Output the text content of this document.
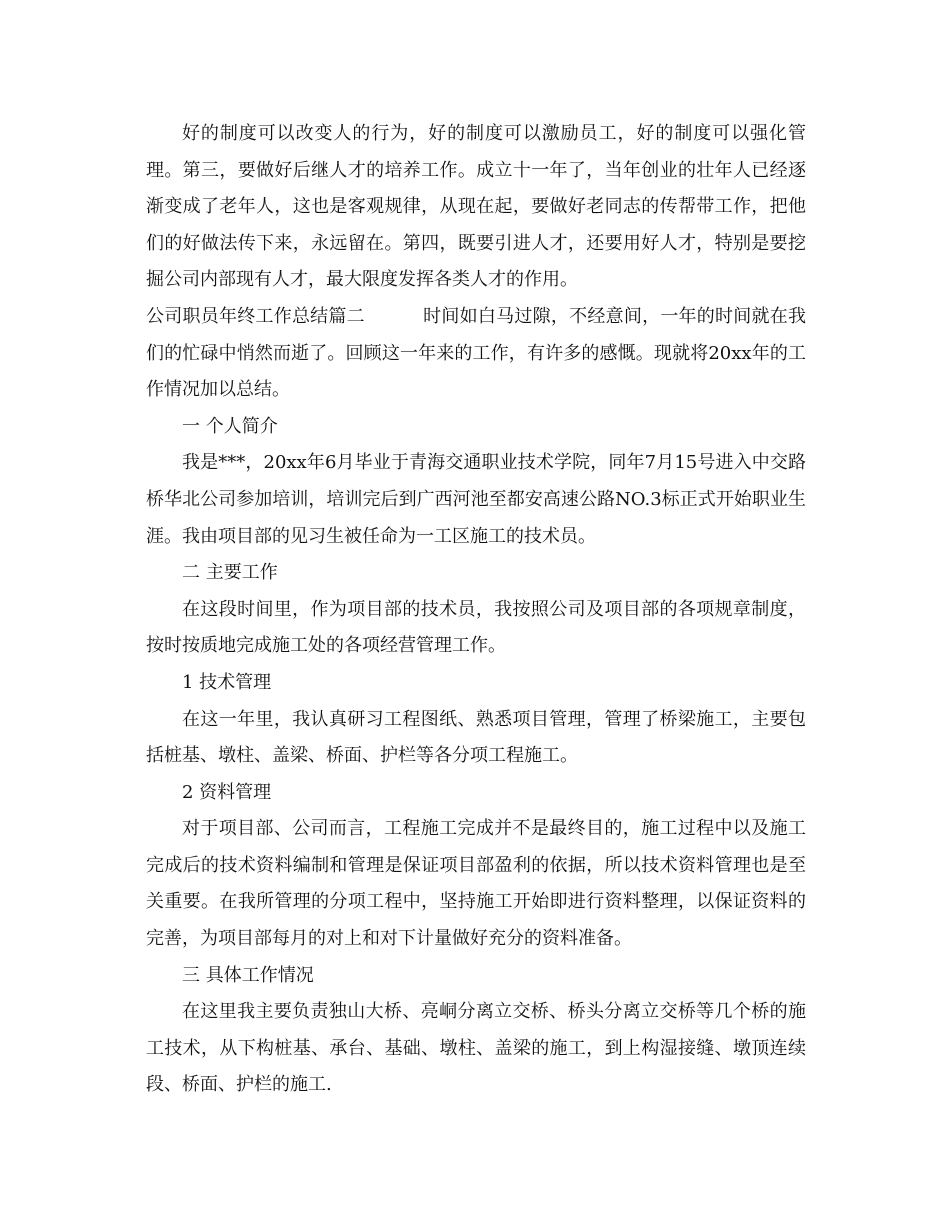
好的制度可以改变人的行为，好的制度可以激励员工，好的制度可以强化管理。第三，要做好后继人才的培养工作。成立十一年了，当年创业的壮年人已经逐渐变成了老年人，这也是客观规律，从现在起，要做好老同志的传帮带工作，把他们的好做法传下来，永远留在。第四，既要引进人才，还要用好人才，特别是要挖掘公司内部现有人才，最大限度发挥各类人才的作用。

公司职员年终工作总结篇二	时间如白马过隙，不经意间，一年的时间就在我们的忙碌中悄然而逝了。回顾这一年来的工作，有许多的感慨。现就将20xx年的工作情况加以总结。

一 个人简介

我是***，20xx年6月毕业于青海交通职业技术学院，同年7月15号进入中交路桥华北公司参加培训，培训完后到广西河池至都安高速公路NO.3标正式开始职业生涯。我由项目部的见习生被任命为一工区施工的技术员。

二 主要工作

在这段时间里，作为项目部的技术员，我按照公司及项目部的各项规章制度，按时按质地完成施工处的各项经营管理工作。

1 技术管理

在这一年里，我认真研习工程图纸、熟悉项目管理，管理了桥梁施工，主要包括桩基、墩柱、盖梁、桥面、护栏等各分项工程施工。

2 资料管理

对于项目部、公司而言，工程施工完成并不是最终目的，施工过程中以及施工完成后的技术资料编制和管理是保证项目部盈利的依据，所以技术资料管理也是至关重要。在我所管理的分项工程中，坚持施工开始即进行资料整理，以保证资料的完善，为项目部每月的对上和对下计量做好充分的资料准备。

三 具体工作情况

在这里我主要负责独山大桥、亮峒分离立交桥、桥头分离立交桥等几个桥的施工技术，从下构桩基、承台、基础、墩柱、盖梁的施工，到上构湿接缝、墩顶连续段、桥面、护栏的施工.
